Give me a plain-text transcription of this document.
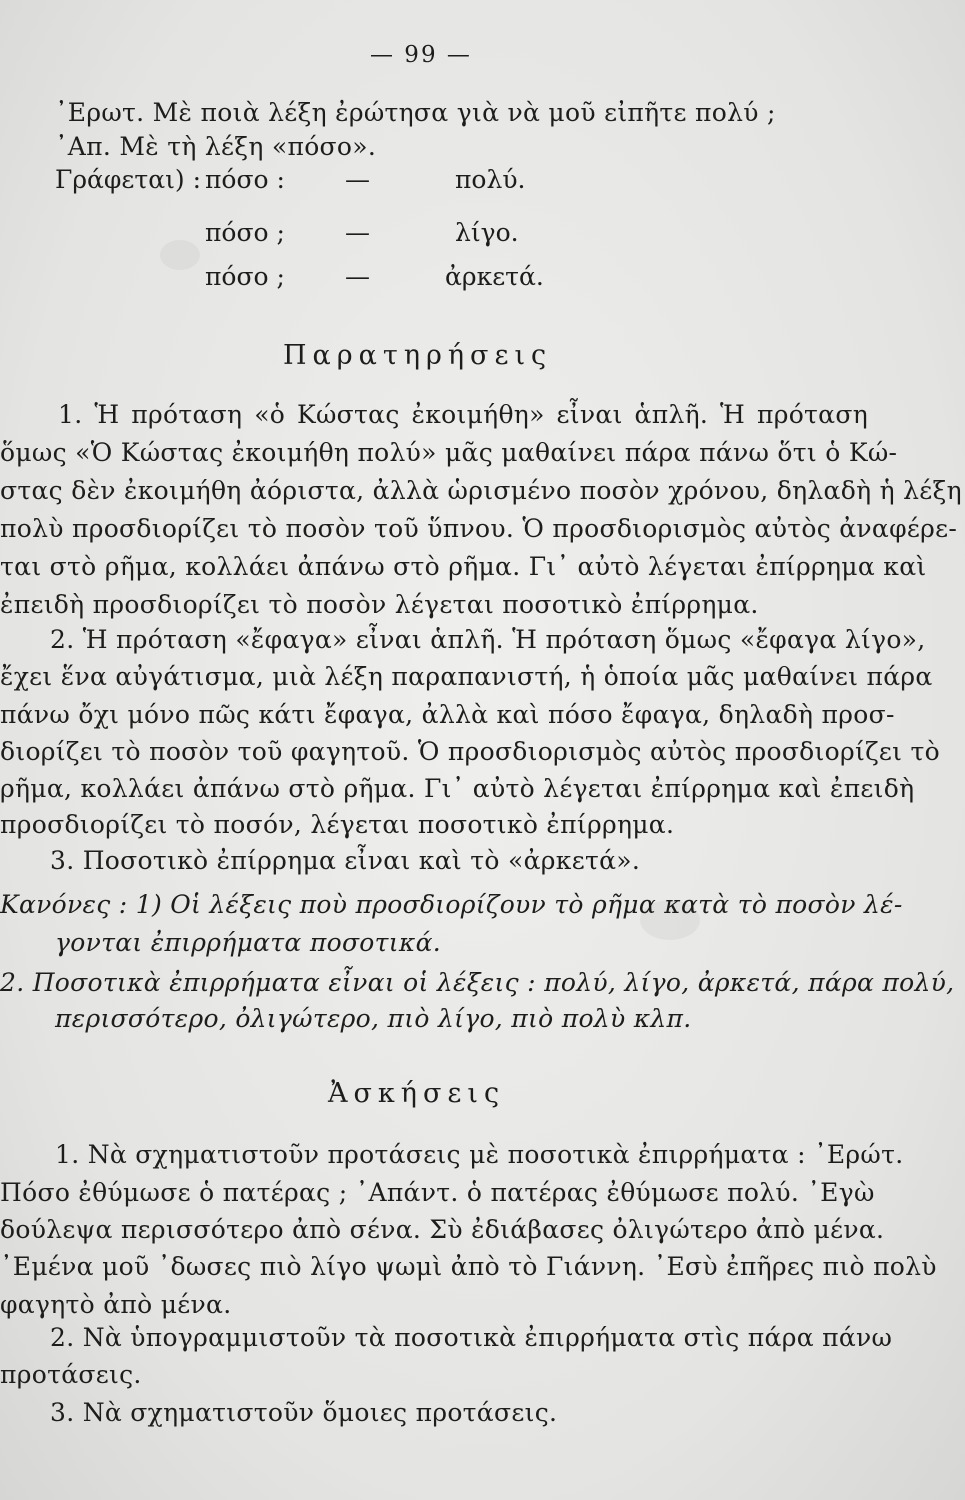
— 99 —
᾿Ερωτ. Μὲ ποιὰ λέξη ἐρώτησα γιὰ νὰ μοῦ εἰπῆτε πολύ ;
᾿Απ. Μὲ τὴ λέξη «πόσο».
Γράφεται) : πόσο : —	πολύ.
πόσο ; —	λίγο.
πόσο ; —	ἀρκετά.
Παρατηρήσεις
1. Ἡ πρόταση «ὁ Κώστας ἐκοιμήθη» εἶναι ἁπλῆ. Ἡ πρόταση
ὅμως «Ὁ Κώστας ἐκοιμήθη πολύ» μᾶς μαθαίνει πάρα πάνω ὅτι ὁ Κώ-
στας δὲν ἐκοιμήθη ἀόριστα, ἀλλὰ ὡρισμένο ποσὸν χρόνου, δηλαδὴ ἡ λέξη
πολὺ προσδιορίζει τὸ ποσὸν τοῦ ὕπνου. Ὁ προσδιορισμὸς αὐτὸς ἀναφέρε-
ται στὸ ρῆμα, κολλάει ἀπάνω στὸ ρῆμα. Γι᾿ αὐτὸ λέγεται ἐπίρρημα καὶ
ἐπειδὴ προσδιορίζει τὸ ποσὸν λέγεται ποσοτικὸ ἐπίρρημα.
2. Ἡ πρόταση «ἔφαγα» εἶναι ἁπλῆ. Ἡ πρόταση ὅμως «ἔφαγα λίγο»,
ἔχει ἕνα αὐγάτισμα, μιὰ λέξη παραπανιστή, ἡ ὁποία μᾶς μαθαίνει πάρα
πάνω ὄχι μόνο πῶς κάτι ἔφαγα, ἀλλὰ καὶ πόσο ἔφαγα, δηλαδὴ προσ-
διορίζει τὸ ποσὸν τοῦ φαγητοῦ. Ὁ προσδιορισμὸς αὐτὸς προσδιορίζει τὸ
ρῆμα, κολλάει ἀπάνω στὸ ρῆμα. Γι᾿ αὐτὸ λέγεται ἐπίρρημα καὶ ἐπειδὴ
προσδιορίζει τὸ ποσόν, λέγεται ποσοτικὸ ἐπίρρημα.
3. Ποσοτικὸ ἐπίρρημα εἶναι καὶ τὸ «ἀρκετά».
Κανόνες : 1) Οἱ λέξεις ποὺ προσδιορίζουν τὸ ρῆμα κατὰ τὸ ποσὸν λέ-
γονται ἐπιρρήματα ποσοτικά.
2. Ποσοτικὰ ἐπιρρήματα εἶναι οἱ λέξεις : πολύ, λίγο, ἀρκετά, πάρα πολύ,
περισσότερο, ὀλιγώτερο, πιὸ λίγο, πιὸ πολὺ κλπ.
Ἀσκήσεις
1. Νὰ σχηματιστοῦν προτάσεις μὲ ποσοτικὰ ἐπιρρήματα : ᾿Ερώτ.
Πόσο ἐθύμωσε ὁ πατέρας ; ᾿Απάντ. ὁ πατέρας ἐθύμωσε πολύ. ᾿Εγὼ
δούλεψα περισσότερο ἀπὸ σένα. Σὺ ἐδιάβασες ὀλιγώτερο ἀπὸ μένα.
᾿Εμένα μοῦ ᾿δωσες πιὸ λίγο ψωμὶ ἀπὸ τὸ Γιάννη. ᾿Εσὺ ἐπῆρες πιὸ πολὺ
φαγητὸ ἀπὸ μένα.
2. Νὰ ὑπογραμμιστοῦν τὰ ποσοτικὰ ἐπιρρήματα στὶς πάρα πάνω
προτάσεις.
3. Νὰ σχηματιστοῦν ὅμοιες προτάσεις.
